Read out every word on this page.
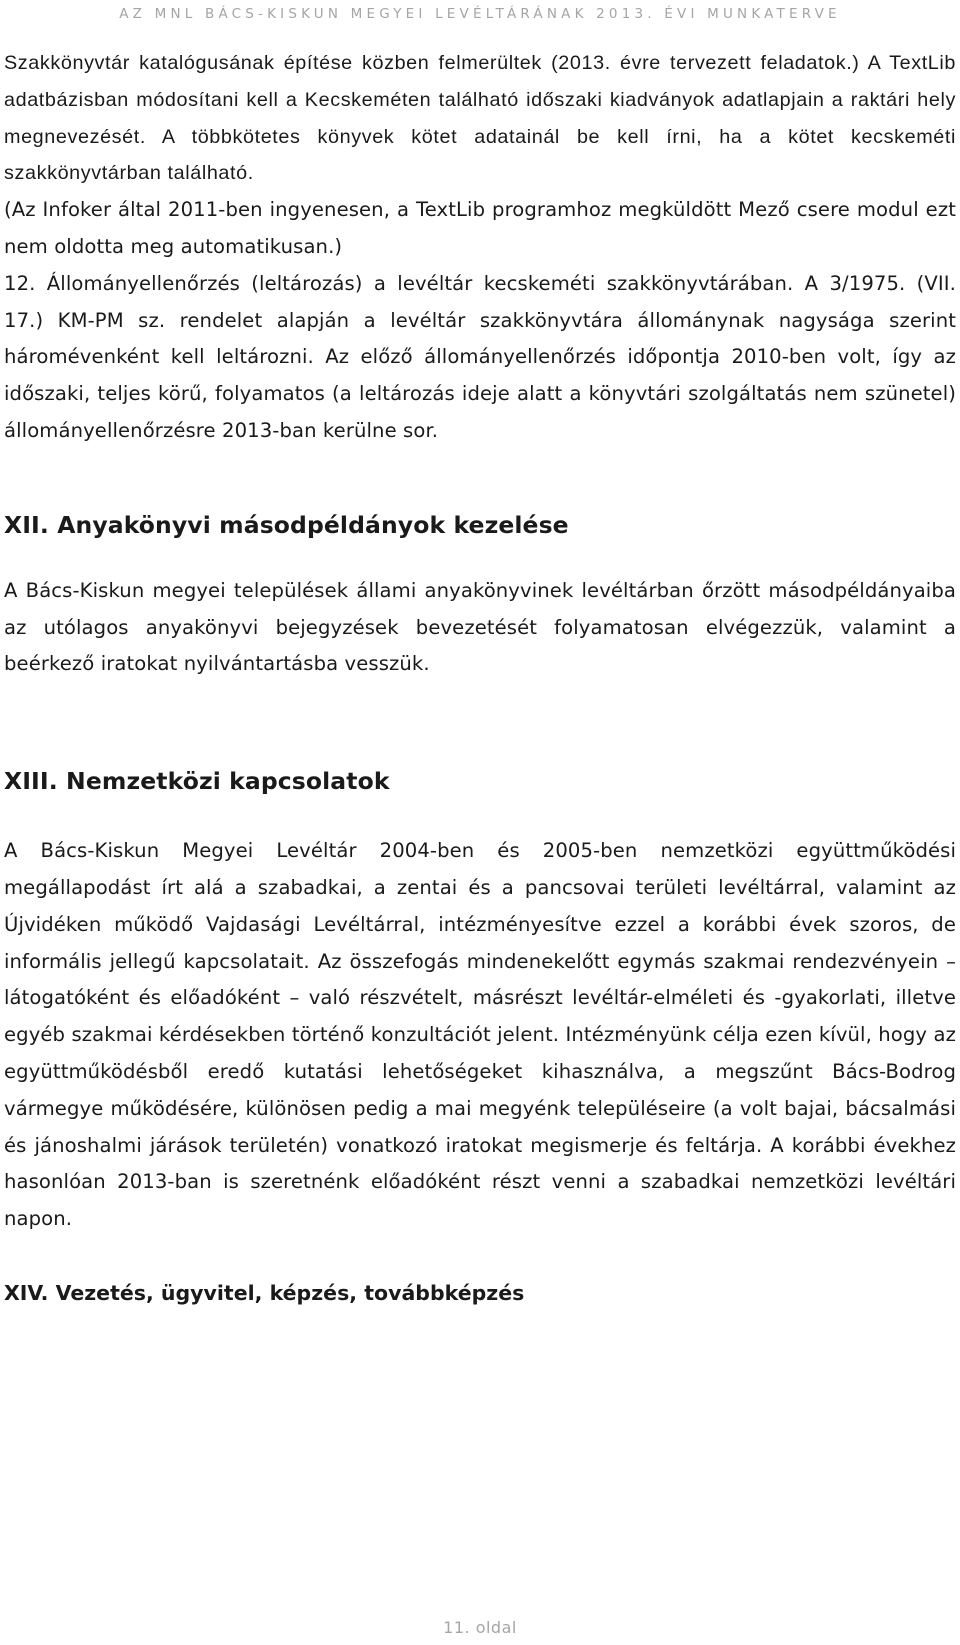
AZ MNL BÁCS-KISKUN MEGYEI LEVÉLTÁRÁNAK 2013. ÉVI MUNKATERVE

Szakkönyvtár katalógusának építése közben felmerültek (2013. évre tervezett feladatok.) A TextLib adatbázisban módosítani kell a Kecskeméten található időszaki kiadványok adatlapjain a raktári hely megnevezését. A többkötetes könyvek kötet adatainál be kell írni, ha a kötet kecskeméti szakkönyvtárban található.

(Az Infoker által 2011-ben ingyenesen, a TextLib programhoz megküldött Mező csere modul ezt nem oldotta meg automatikusan.)

12. Állományellenőrzés (leltározás) a levéltár kecskeméti szakkönyvtárában. A 3/1975. (VII. 17.) KM-PM sz. rendelet alapján a levéltár szakkönyvtára állománynak nagysága szerint háromévenként kell leltározni. Az előző állományellenőrzés időpontja 2010-ben volt, így az időszaki, teljes körű, folyamatos (a leltározás ideje alatt a könyvtári szolgáltatás nem szünetel) állományellenőrzésre 2013-ban kerülne sor.

XII. Anyakönyvi másodpéldányok kezelése

A Bács-Kiskun megyei települések állami anyakönyvinek levéltárban őrzött másodpéldányaiba az utólagos anyakönyvi bejegyzések bevezetését folyamatosan elvégezzük, valamint a beérkező iratokat nyilvántartásba vesszük.

XIII. Nemzetközi kapcsolatok

A Bács-Kiskun Megyei Levéltár 2004-ben és 2005-ben nemzetközi együttműködési megállapodást írt alá a szabadkai, a zentai és a pancsovai területi levéltárral, valamint az Újvidéken működő Vajdasági Levéltárral, intézményesítve ezzel a korábbi évek szoros, de informális jellegű kapcsolatait. Az összefogás mindenekelőtt egymás szakmai rendezvényein – látogatóként és előadóként – való részvételt, másrészt levéltár-elméleti és -gyakorlati, illetve egyéb szakmai kérdésekben történő konzultációt jelent. Intézményünk célja ezen kívül, hogy az együttműködésből eredő kutatási lehetőségeket kihasználva, a megszűnt Bács-Bodrog vármegye működésére, különösen pedig a mai megyénk településeire (a volt bajai, bácsalmási és jánoshalmi járások területén) vonatkozó iratokat megismerje és feltárja. A korábbi évekhez hasonlóan 2013-ban is szeretnénk előadóként részt venni a szabadkai nemzetközi levéltári napon.

XIV. Vezetés, ügyvitel, képzés, továbbképzés
11. oldal
